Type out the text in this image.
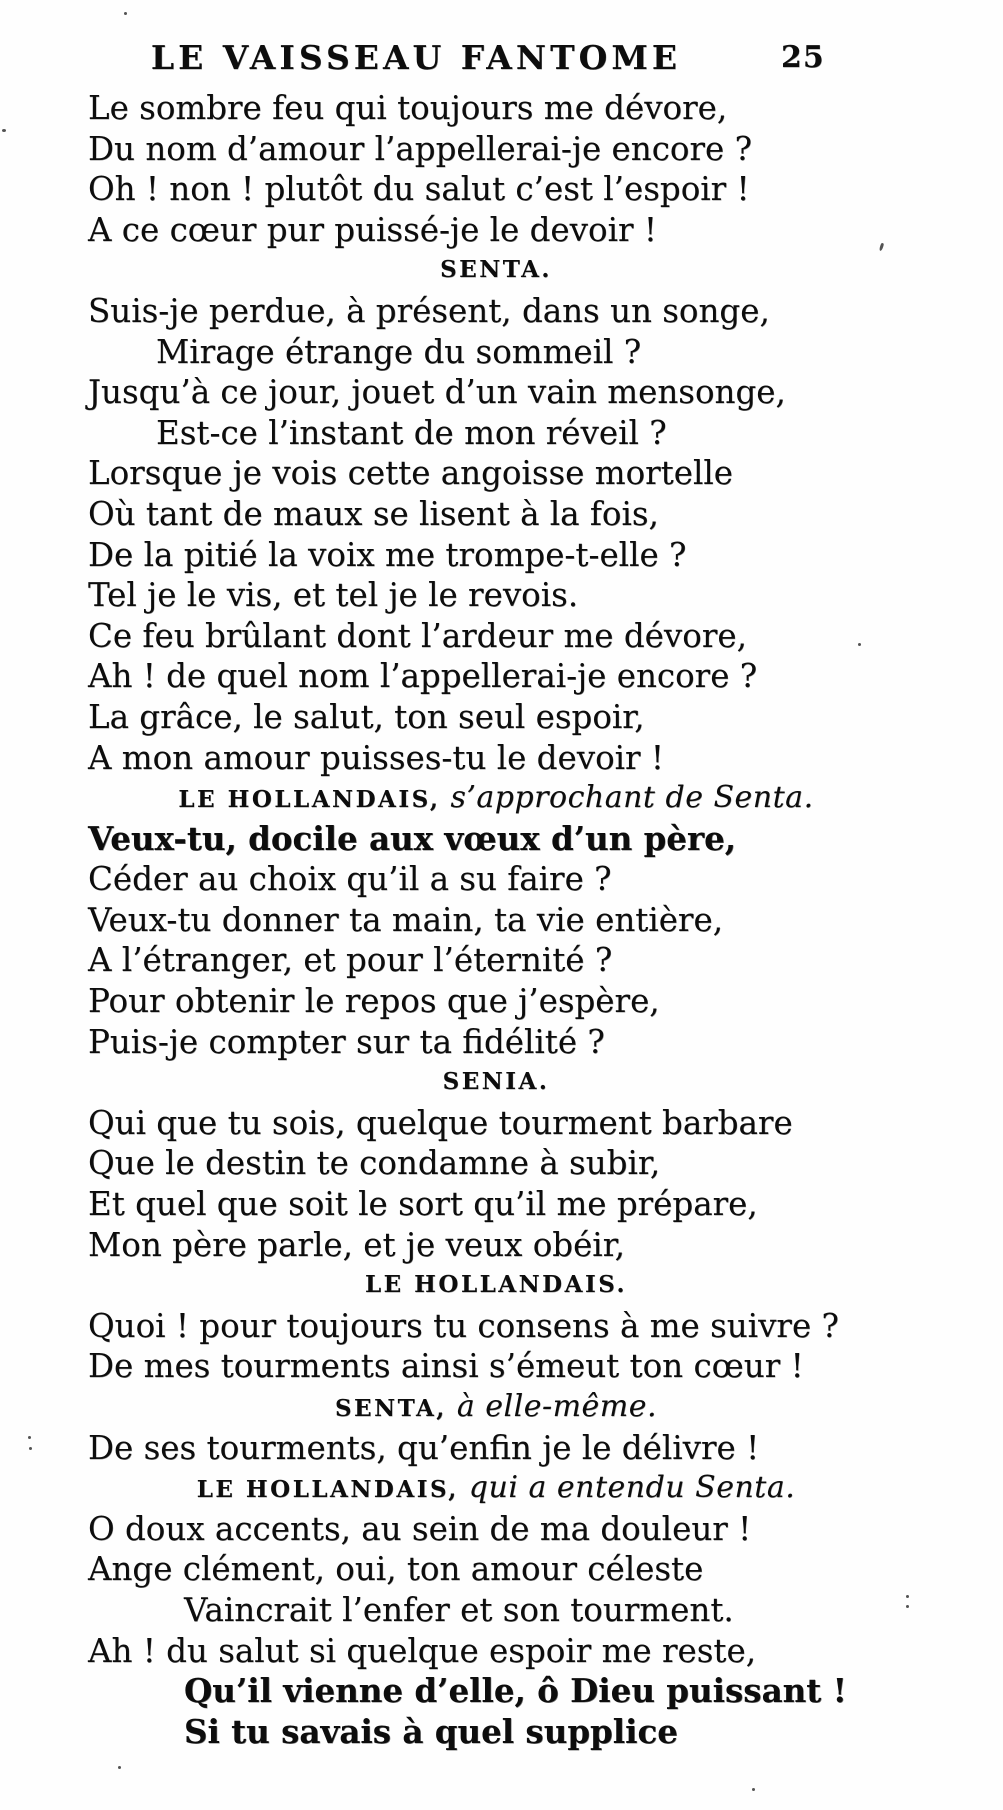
LE VAISSEAU FANTOME	25
Le sombre feu qui toujours me dévore,
Du nom d’amour l’appellerai-je encore ?
Oh ! non ! plutôt du salut c’est l’espoir !
A ce cœur pur puissé-je le devoir !
SENTA.
Suis-je perdue, à présent, dans un songe,
Mirage étrange du sommeil ?
Jusqu’à ce jour, jouet d’un vain mensonge,
Est-ce l’instant de mon réveil ?
Lorsque je vois cette angoisse mortelle
Où tant de maux se lisent à la fois,
De la pitié la voix me trompe-t-elle ?
Tel je le vis, et tel je le revois.
Ce feu brûlant dont l’ardeur me dévore,
Ah ! de quel nom l’appellerai-je encore ?
La grâce, le salut, ton seul espoir,
A mon amour puisses-tu le devoir !
LE HOLLANDAIS, s’approchant de Senta.
Veux-tu, docile aux vœux d’un père,
Céder au choix qu’il a su faire ?
Veux-tu donner ta main, ta vie entière,
A l’étranger, et pour l’éternité ?
Pour obtenir le repos que j’espère,
Puis-je compter sur ta fidélité ?
SENIA.
Qui que tu sois, quelque tourment barbare
Que le destin te condamne à subir,
Et quel que soit le sort qu’il me prépare,
Mon père parle, et je veux obéir,
LE HOLLANDAIS.
Quoi ! pour toujours tu consens à me suivre ?
De mes tourments ainsi s’émeut ton cœur !
SENTA, à elle-même.
De ses tourments, qu’enfin je le délivre !
LE HOLLANDAIS, qui a entendu Senta.
O doux accents, au sein de ma douleur !
Ange clément, oui, ton amour céleste
Vaincrait l’enfer et son tourment.
Ah ! du salut si quelque espoir me reste,
Qu’il vienne d’elle, ô Dieu puissant !
Si tu savais à quel supplice
